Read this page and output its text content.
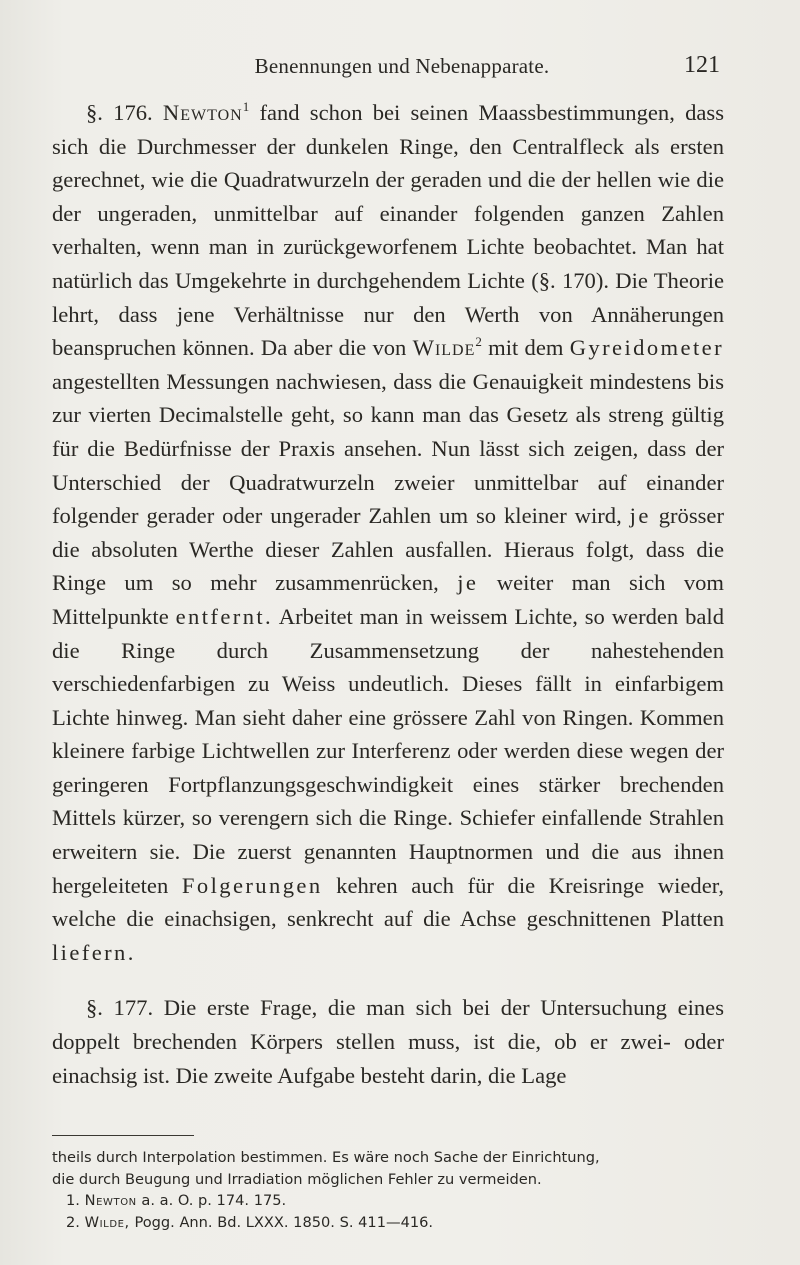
Benennungen und Nebenapparate.	121

§. 176. Newton$^1$ fand schon bei seinen Maassbestimmungen, dass sich die Durchmesser der dunkelen Ringe, den Centralfleck als ersten gerechnet, wie die Quadratwurzeln der geraden und die der hellen wie die der ungeraden, unmittelbar auf einander folgenden ganzen Zahlen verhalten, wenn man in zurückgeworfenem Lichte beobachtet. Man hat natürlich das Umgekehrte in durchgehendem Lichte (§. 170). Die Theorie lehrt, dass jene Verhältnisse nur den Werth von Annäherungen beanspruchen können. Da aber die von Wilde$^2$ mit dem Gyreidometer angestellten Messungen nachwiesen, dass die Genauigkeit mindestens bis zur vierten Decimalstelle geht, so kann man das Gesetz als streng gültig für die Bedürfnisse der Praxis ansehen. Nun lässt sich zeigen, dass der Unterschied der Quadratwurzeln zweier unmittelbar auf einander folgender gerader oder ungerader Zahlen um so kleiner wird, je grösser die absoluten Werthe dieser Zahlen ausfallen. Hieraus folgt, dass die Ringe um so mehr zusammenrücken, je weiter man sich vom Mittelpunkte entfernt. Arbeitet man in weissem Lichte, so werden bald die Ringe durch Zusammensetzung der nahestehenden verschiedenfarbigen zu Weiss undeutlich. Dieses fällt in einfarbigem Lichte hinweg. Man sieht daher eine grössere Zahl von Ringen. Kommen kleinere farbige Lichtwellen zur Interferenz oder werden diese wegen der geringeren Fortpflanzungsgeschwindigkeit eines stärker brechenden Mittels kürzer, so verengern sich die Ringe. Schiefer einfallende Strahlen erweitern sie. Die zuerst genannten Hauptnormen und die aus ihnen hergeleiteten Folgerungen kehren auch für die Kreisringe wieder, welche die einachsigen, senkrecht auf die Achse geschnittenen Platten liefern.

§. 177. Die erste Frage, die man sich bei der Untersuchung eines doppelt brechenden Körpers stellen muss, ist die, ob er zwei- oder einachsig ist. Die zweite Aufgabe besteht darin, die Lage

theils durch Interpolation bestimmen. Es wäre noch Sache der Einrichtung,
die durch Beugung und Irradiation möglichen Fehler zu vermeiden.
1. Newton a. a. O. p. 174. 175.
2. Wilde, Pogg. Ann. Bd. LXXX. 1850. S. 411—416.
